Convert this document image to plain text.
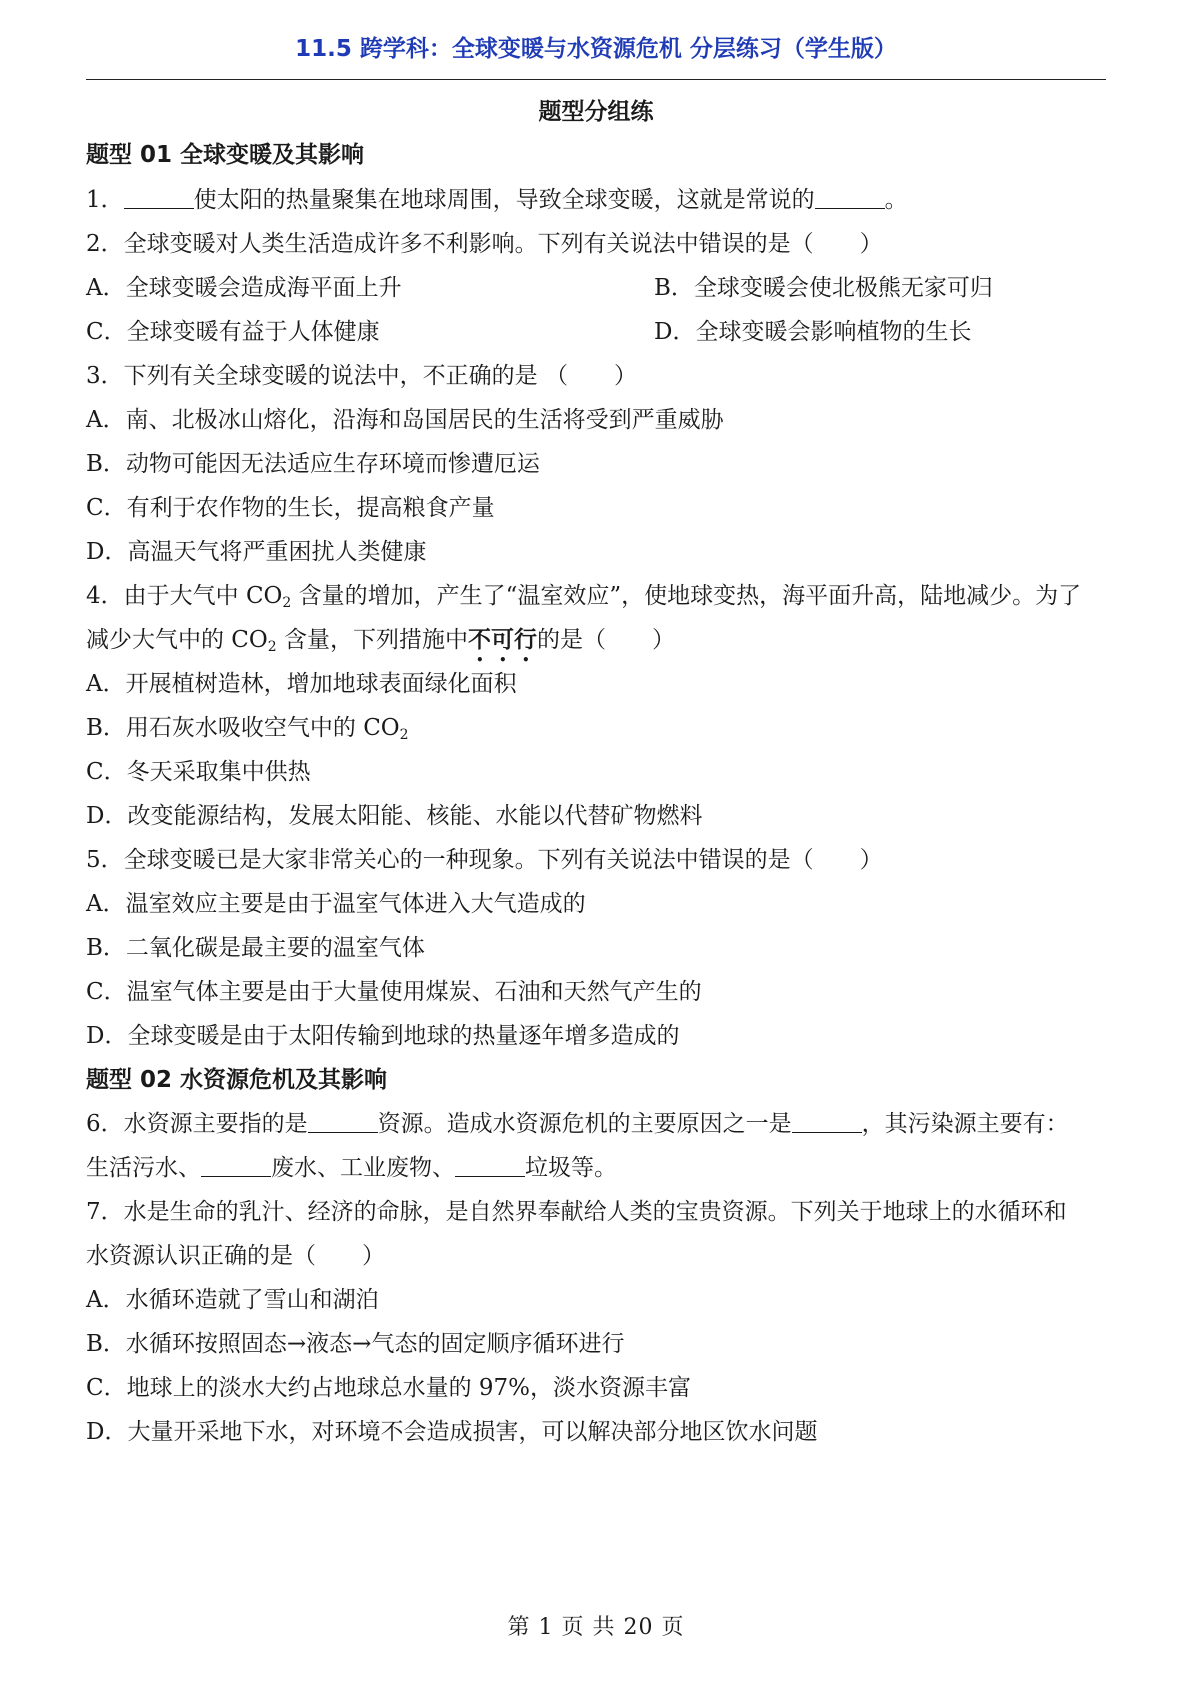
11.5 跨学科：全球变暖与水资源危机 分层练习（学生版）
题型分组练
题型 01 全球变暖及其影响
1．	使太阳的热量聚集在地球周围，导致全球变暖，这就是常说的	。
2．全球变暖对人类生活造成许多不利影响。下列有关说法中错误的是（　　）
A．全球变暖会造成海平面上升	B．全球变暖会使北极熊无家可归
C．全球变暖有益于人体健康	D．全球变暖会影响植物的生长
3．下列有关全球变暖的说法中，不正确的是 （　　）
A．南、北极冰山熔化，沿海和岛国居民的生活将受到严重威胁
B．动物可能因无法适应生存环境而惨遭厄运
C．有利于农作物的生长，提高粮食产量
D．高温天气将严重困扰人类健康
4．由于大气中 $CO_2$ 含量的增加，产生了“温室效应”，使地球变热，海平面升高，陆地减少。为了
减少大气中的 $CO_2$ 含量，下列措施中不可行的是（　　）
A．开展植树造林，增加地球表面绿化面积
B．用石灰水吸收空气中的 $CO_2$
C．冬天采取集中供热
D．改变能源结构，发展太阳能、核能、水能以代替矿物燃料
5．全球变暖已是大家非常关心的一种现象。下列有关说法中错误的是（　　）
A．温室效应主要是由于温室气体进入大气造成的
B．二氧化碳是最主要的温室气体
C．温室气体主要是由于大量使用煤炭、石油和天然气产生的
D．全球变暖是由于太阳传输到地球的热量逐年增多造成的
题型 02 水资源危机及其影响
6．水资源主要指的是	资源。造成水资源危机的主要原因之一是	，其污染源主要有：
生活污水、	废水、工业废物、	垃圾等。
7．水是生命的乳汁、经济的命脉，是自然界奉献给人类的宝贵资源。下列关于地球上的水循环和
水资源认识正确的是（　　）
A．水循环造就了雪山和湖泊
B．水循环按照固态→液态→气态的固定顺序循环进行
C．地球上的淡水大约占地球总水量的 97%，淡水资源丰富
D．大量开采地下水，对环境不会造成损害，可以解决部分地区饮水问题
第 1 页 共 20 页
